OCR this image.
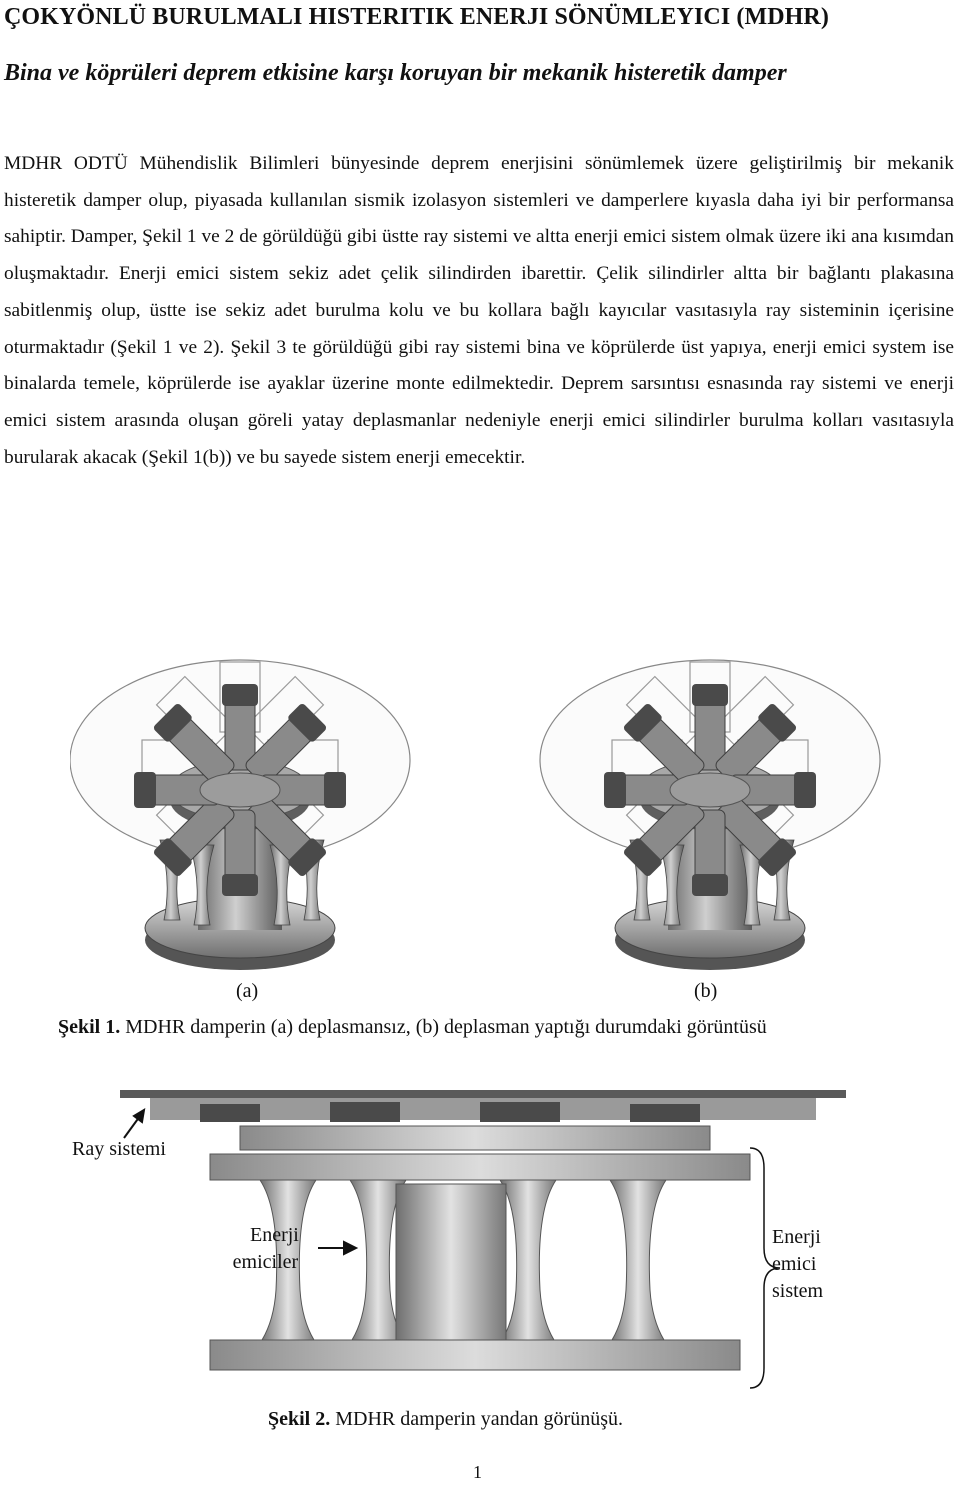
ÇOKYÖNLÜ BURULMALI HISTERITIK ENERJI SÖNÜMLEYICI (MDHR)
Bina ve köprüleri deprem etkisine karşı koruyan bir mekanik histeretik damper

MDHR ODTÜ Mühendislik Bilimleri bünyesinde deprem enerjisini sönümlemek üzere geliştirilmiş bir mekanik histeretik damper olup, piyasada kullanılan sismik izolasyon sistemleri ve damperlere kıyasla daha iyi bir performansa sahiptir. Damper, Şekil 1 ve 2 de görüldüğü gibi üstte ray sistemi ve altta enerji emici sistem olmak üzere iki ana kısımdan oluşmaktadır. Enerji emici sistem sekiz adet çelik silindirden ibarettir. Çelik silindirler altta bir bağlantı plakasına sabitlenmiş olup, üstte ise sekiz adet burulma kolu ve bu kollara bağlı kayıcılar vasıtasıyla ray sisteminin içerisine oturmaktadır (Şekil 1 ve 2). Şekil 3 te görüldüğü gibi ray sistemi bina ve köprülerde üst yapıya, enerji emici system ise binalarda temele, köprülerde ise ayaklar üzerine monte edilmektedir. Deprem sarsıntısı esnasında ray sistemi ve enerji emici sistem arasında oluşan göreli yatay deplasmanlar nedeniyle enerji emici silindirler burulma kolları vasıtasıyla burularak akacak (Şekil 1(b)) ve bu sayede sistem enerji emecektir.

(a)	(b)
Şekil 1. MDHR damperin (a) deplasmansız, (b) deplasman yaptığı durumdaki görüntüsü
Ray sistemi
Enerji
emiciler
Enerji
emici
sistem
Şekil 2. MDHR damperin yandan görünüşü.
1
